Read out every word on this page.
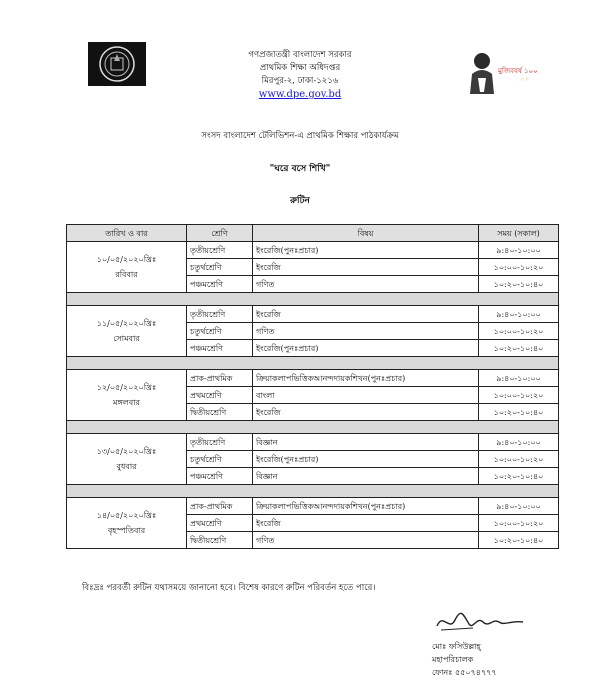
গণপ্রজাতন্ত্রী বাংলাদেশ সরকার
প্রাথমিক শিক্ষা অধিদপ্তর
মিরপুর-২, ঢাকা-১২১৬
www.dpe.gov.bd
মুজিববর্ষ ১০০
◦◦
সংসদ বাংলাদেশ টেলিভিশন-এ প্রাথমিক শিক্ষার পাঠকার্যক্রম
"ঘরে বসে শিখি"
রুটিন
তারিখ ও বার	শ্রেণি	বিষয়	সময় (সকাল)
১০/০৫/২০২০খ্রিঃ
রবিবার	তৃতীয়শ্রেণি	ইংরেজি(পুনঃপ্রচার)	৯:৪০-১০:০০
	চতুর্থশ্রেণি	ইংরেজি	১০:০০-১০:২০
	পঞ্চমশ্রেণি	গণিত	১০:২০-১০:৪০

১১/০৫/২০২০খ্রিঃ
সোমবার	তৃতীয়শ্রেণি	ইংরেজি	৯:৪০-১০:০০
	চতুর্থশ্রেণি	গণিত	১০:০০-১০:২০
	পঞ্চমশ্রেণি	ইংরেজি(পুনঃপ্রচার)	১০:২০-১০:৪০

১২/০৫/২০২০খ্রিঃ
মঙ্গলবার	প্রাক-প্রাথমিক	ক্রিয়াকলাপভিত্তিকআনন্দদায়কশিখন(পুনঃপ্রচার)	৯:৪০-১০:০০
	প্রথমশ্রেণি	বাংলা	১০:০০-১০:২০
	দ্বিতীয়শ্রেণি	ইংরেজি	১০:২০-১০:৪০

১৩/০৫/২০২০খ্রিঃ
বুধবার	তৃতীয়শ্রেণি	বিজ্ঞান	৯:৪০-১০:০০
	চতুর্থশ্রেণি	ইংরেজি(পুনঃপ্রচার)	১০:০০-১০:২০
	পঞ্চমশ্রেণি	বিজ্ঞান	১০:২০-১০:৪০

১৪/০৫/২০২০খ্রিঃ
বৃহস্পতিবার	প্রাক-প্রাথমিক	ক্রিয়াকলাপভিত্তিকআনন্দদায়কশিখন(পুনঃপ্রচার)	৯:৪০-১০:০০
	প্রথমশ্রেণি	ইংরেজি	১০:০০-১০:২০
	দ্বিতীয়শ্রেণি	গণিত	১০:২০-১০:৪০
বিঃদ্রঃ পরবর্তী রুটিন যথাসময়ে জানানো হবে। বিশেষ কারণে রুটিন পরিবর্তন হতে পারে।
মোঃ ফসিউল্লাহ্
মহাপরিচালক
ফোনঃ ৫৫০৭৪৭৭৭
